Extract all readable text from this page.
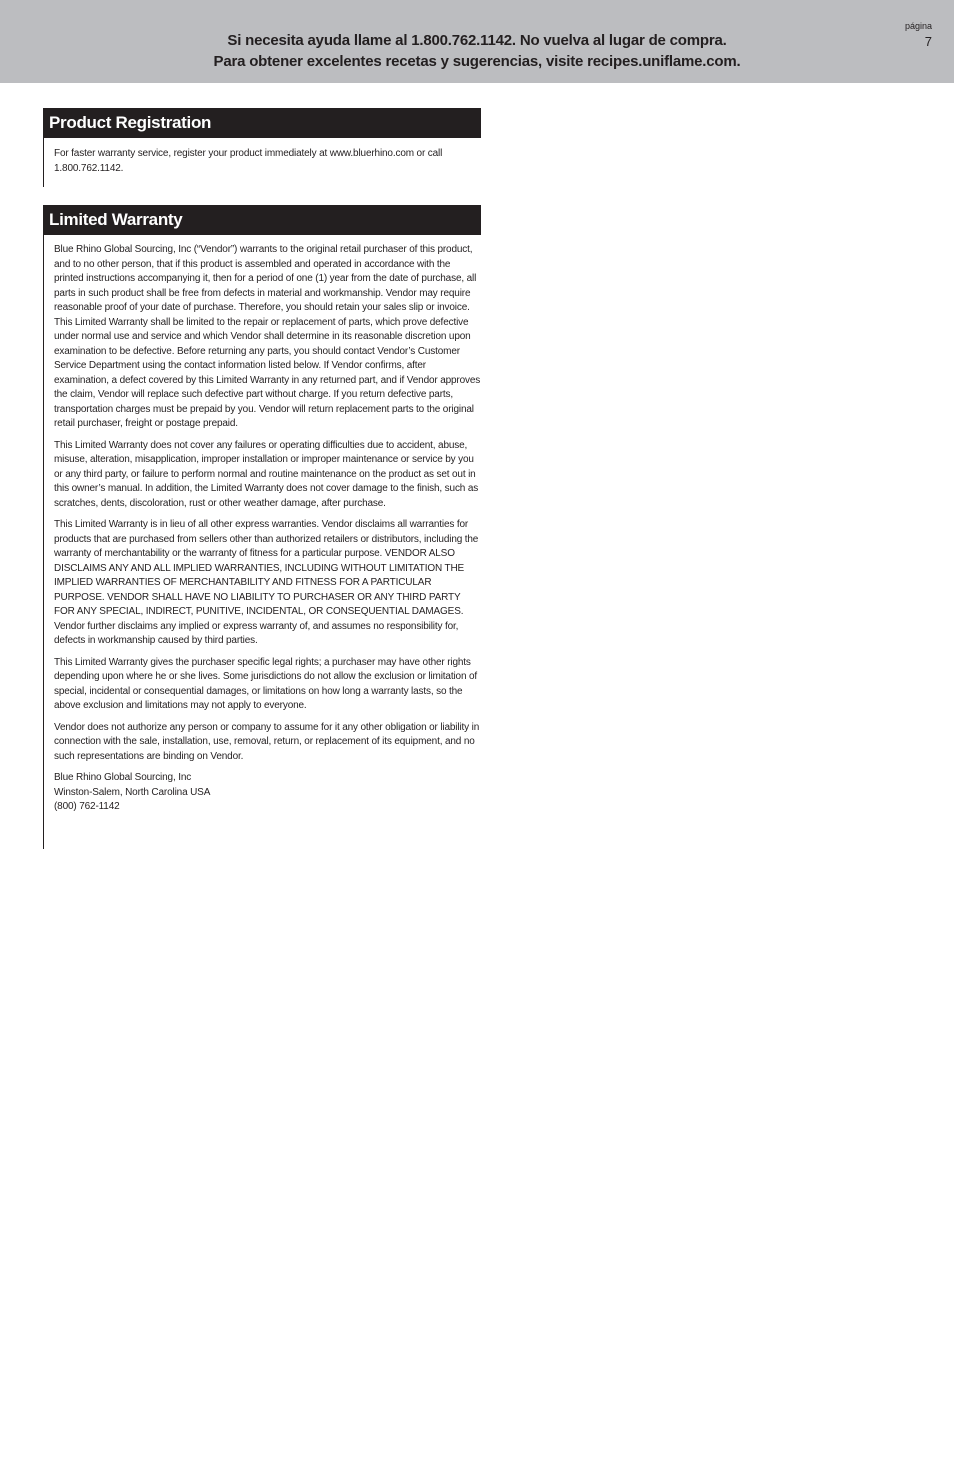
Si necesita ayuda llame al 1.800.762.1142. No vuelva al lugar de compra.
Para obtener excelentes recetas y sugerencias, visite recipes.uniflame.com.
página
7
Product Registration

For faster warranty service, register your product immediately at www.bluerhino.com or call 1.800.762.1142.

Limited Warranty

Blue Rhino Global Sourcing, Inc (“Vendor”) warrants to the original retail purchaser of this product, and to no other person, that if this product is assembled and operated in accordance with the printed instructions accompanying it, then for a period of one (1) year from the date of purchase, all parts in such product shall be free from defects in material and workmanship. Vendor may require reasonable proof of your date of purchase. Therefore, you should retain your sales slip or invoice. This Limited Warranty shall be limited to the repair or replacement of parts, which prove defective under normal use and service and which Vendor shall determine in its reasonable discretion upon examination to be defective. Before returning any parts, you should contact Vendor’s Customer Service Department using the contact information listed below. If Vendor confirms, after examination, a defect covered by this Limited Warranty in any returned part, and if Vendor approves the claim, Vendor will replace such defective part without charge. If you return defective parts, transportation charges must be prepaid by you. Vendor will return replacement parts to the original retail purchaser, freight or postage prepaid.

This Limited Warranty does not cover any failures or operating difficulties due to accident, abuse, misuse, alteration, misapplication, improper installation or improper maintenance or service by you or any third party, or failure to perform normal and routine maintenance on the product as set out in this owner’s manual. In addition, the Limited Warranty does not cover damage to the finish, such as scratches, dents, discoloration, rust or other weather damage, after purchase.

This Limited Warranty is in lieu of all other express warranties. Vendor disclaims all warranties for products that are purchased from sellers other than authorized retailers or distributors, including the warranty of merchantability or the warranty of fitness for a particular purpose. VENDOR ALSO DISCLAIMS ANY AND ALL IMPLIED WARRANTIES, INCLUDING WITHOUT LIMITATION THE IMPLIED WARRANTIES OF MERCHANTABILITY AND FITNESS FOR A PARTICULAR PURPOSE. VENDOR SHALL HAVE NO LIABILITY TO PURCHASER OR ANY THIRD PARTY FOR ANY SPECIAL, INDIRECT, PUNITIVE, INCIDENTAL, OR CONSEQUENTIAL DAMAGES. Vendor further disclaims any implied or express warranty of, and assumes no responsibility for, defects in workmanship caused by third parties.

This Limited Warranty gives the purchaser specific legal rights; a purchaser may have other rights depending upon where he or she lives. Some jurisdictions do not allow the exclusion or limitation of special, incidental or consequential damages, or limitations on how long a warranty lasts, so the above exclusion and limitations may not apply to everyone.

Vendor does not authorize any person or company to assume for it any other obligation or liability in connection with the sale, installation, use, removal, return, or replacement of its equipment, and no such representations are binding on Vendor.

Blue Rhino Global Sourcing, Inc
Winston-Salem, North Carolina USA
(800) 762-1142
